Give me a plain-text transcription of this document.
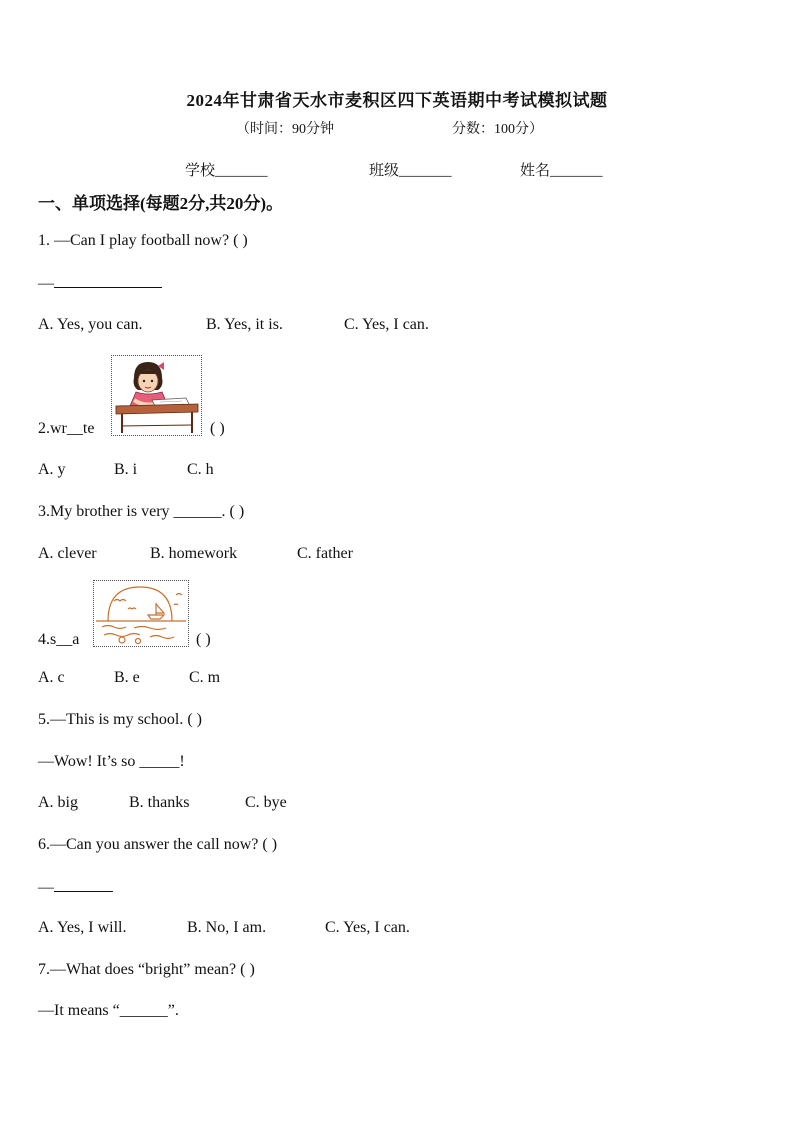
2024年甘肃省天水市麦积区四下英语期中考试模拟试题
（时间：90分钟	分数：100分）
学校_______	班级_______	姓名_______
一、单项选择(每题2分,共20分)。
1. —Can I play football now? ( )
—
A. Yes, you can.	B. Yes, it is.	C. Yes, I can.
2.wr__te	( )
A. y	B. i	C. h
3.My brother is very ______. ( )
A. clever	B. homework	C. father
4.s__a	( )
A. c	B. e	C. m
5.—This is my school. ( )
—Wow! It’s so _____!
A. big	B. thanks	C. bye
6.—Can you answer the call now? ( )
—
A. Yes, I will.	B. No, I am.	C. Yes, I can.
7.—What does “bright” mean? ( )
—It means “______”.
